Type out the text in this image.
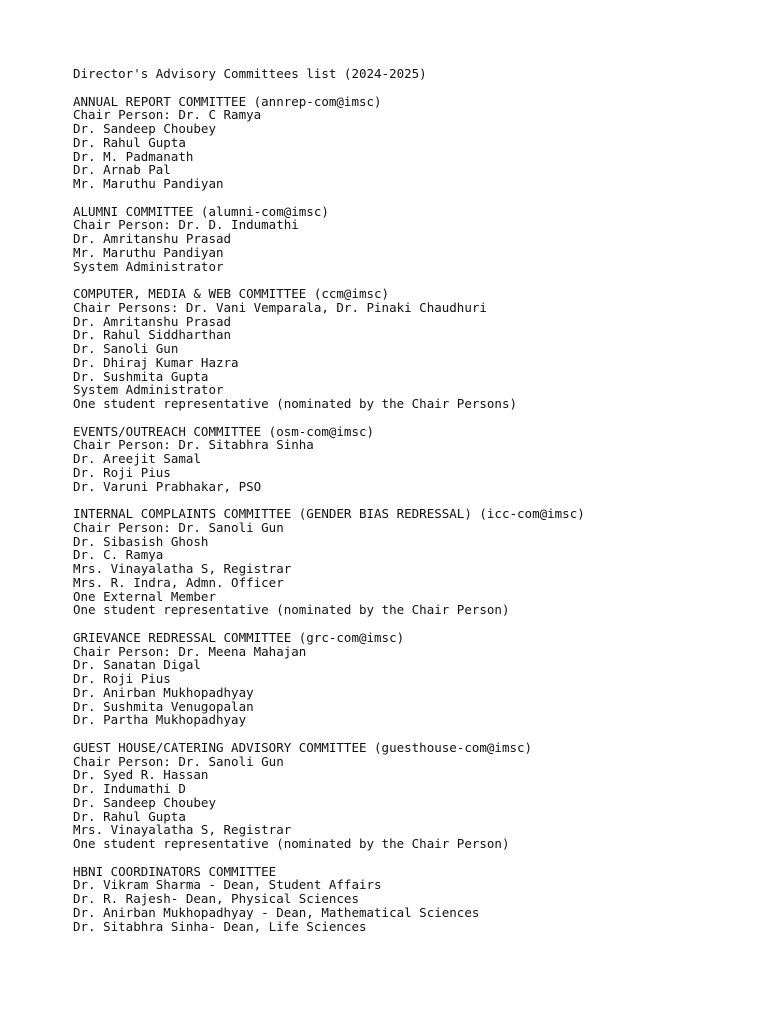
Director's Advisory Committees list (2024-2025)
ANNUAL REPORT COMMITTEE (annrep-com@imsc)
Chair Person: Dr. C Ramya
Dr. Sandeep Choubey
Dr. Rahul Gupta
Dr. M. Padmanath
Dr. Arnab Pal
Mr. Maruthu Pandiyan
ALUMNI COMMITTEE (alumni-com@imsc)
Chair Person: Dr. D. Indumathi
Dr. Amritanshu Prasad
Mr. Maruthu Pandiyan
System Administrator
COMPUTER, MEDIA & WEB COMMITTEE (ccm@imsc)
Chair Persons: Dr. Vani Vemparala, Dr. Pinaki Chaudhuri
Dr. Amritanshu Prasad
Dr. Rahul Siddharthan
Dr. Sanoli Gun
Dr. Dhiraj Kumar Hazra
Dr. Sushmita Gupta
System Administrator
One student representative (nominated by the Chair Persons)
EVENTS/OUTREACH COMMITTEE (osm-com@imsc)
Chair Person: Dr. Sitabhra Sinha
Dr. Areejit Samal
Dr. Roji Pius
Dr. Varuni Prabhakar, PSO
INTERNAL COMPLAINTS COMMITTEE (GENDER BIAS REDRESSAL) (icc-com@imsc)
Chair Person: Dr. Sanoli Gun
Dr. Sibasish Ghosh
Dr. C. Ramya
Mrs. Vinayalatha S, Registrar
Mrs. R. Indra, Admn. Officer
One External Member
One student representative (nominated by the Chair Person)
GRIEVANCE REDRESSAL COMMITTEE (grc-com@imsc)
Chair Person: Dr. Meena Mahajan
Dr. Sanatan Digal
Dr. Roji Pius
Dr. Anirban Mukhopadhyay
Dr. Sushmita Venugopalan
Dr. Partha Mukhopadhyay
GUEST HOUSE/CATERING ADVISORY COMMITTEE (guesthouse-com@imsc)
Chair Person: Dr. Sanoli Gun
Dr. Syed R. Hassan
Dr. Indumathi D
Dr. Sandeep Choubey
Dr. Rahul Gupta
Mrs. Vinayalatha S, Registrar
One student representative (nominated by the Chair Person)
HBNI COORDINATORS COMMITTEE
Dr. Vikram Sharma - Dean, Student Affairs
Dr. R. Rajesh- Dean, Physical Sciences
Dr. Anirban Mukhopadhyay - Dean, Mathematical Sciences
Dr. Sitabhra Sinha- Dean, Life Sciences
